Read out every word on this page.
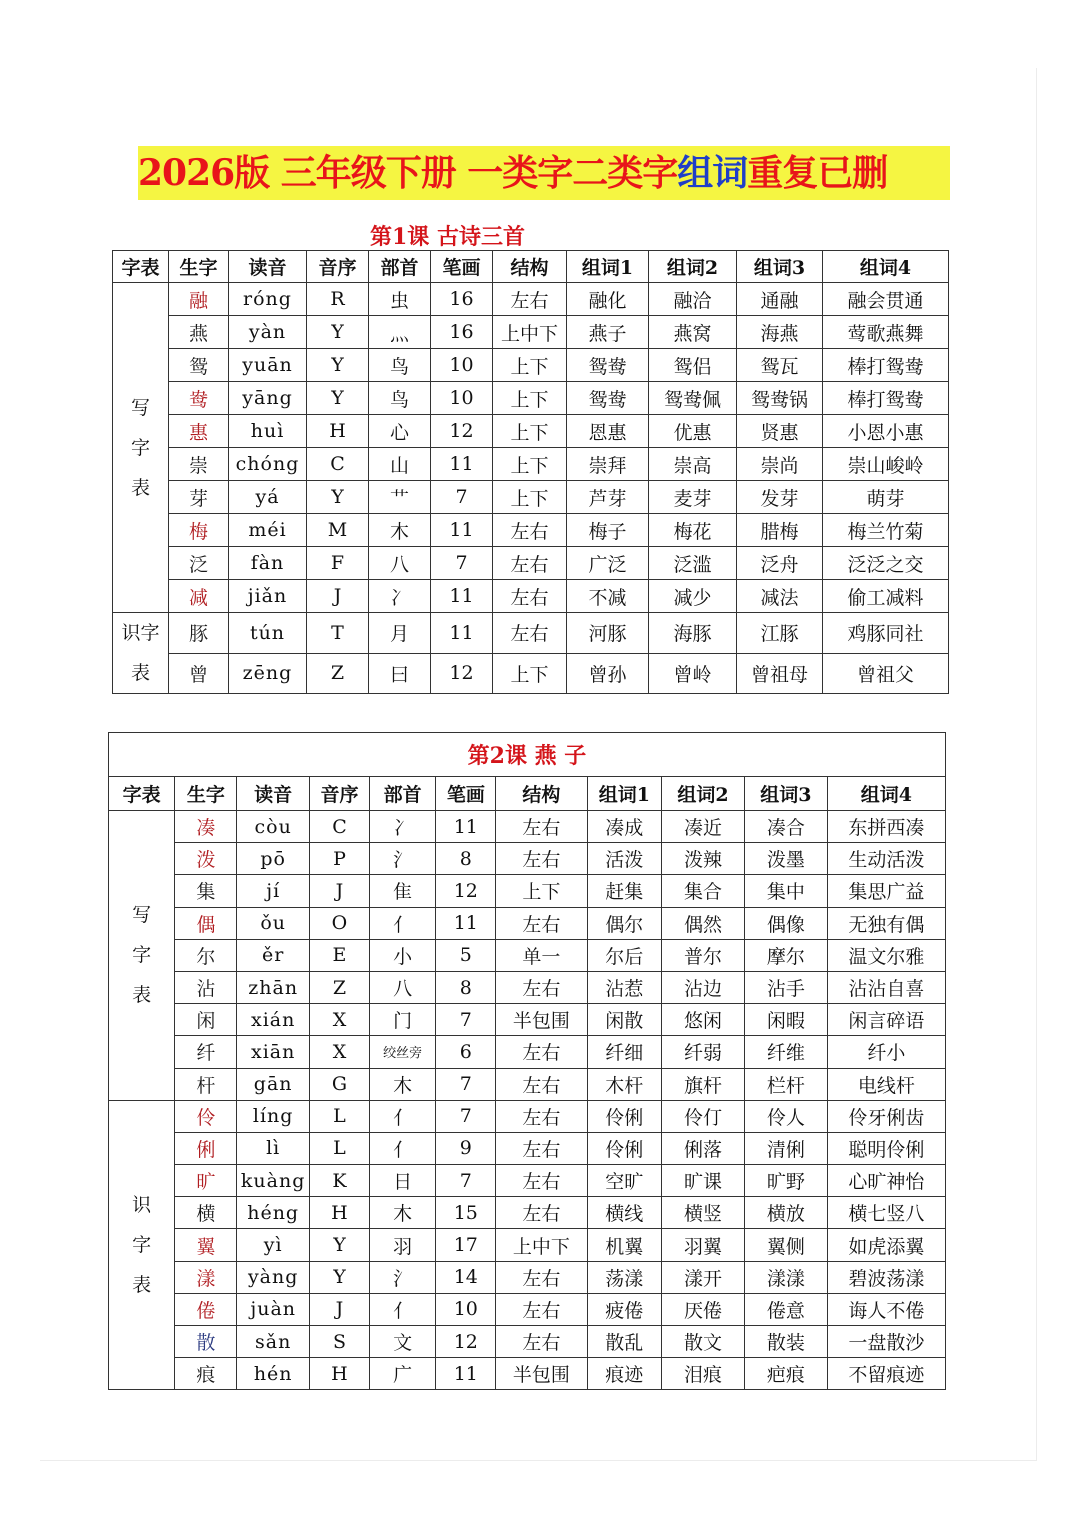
2026版 三年级下册 一类字二类字组词重复已删
第1课 古诗三首
字表	生字	读音	音序	部首	笔画	结构	组词1	组词2	组词3	组词4
写字表	融	róng	R	虫	16	左右	融化	融洽	通融	融会贯通
	燕	yàn	Y	灬	16	上中下	燕子	燕窝	海燕	莺歌燕舞
	鸳	yuān	Y	鸟	10	上下	鸳鸯	鸳侣	鸳瓦	棒打鸳鸯
	鸯	yāng	Y	鸟	10	上下	鸳鸯	鸳鸯佩	鸳鸯锅	棒打鸳鸯
	惠	huì	H	心	12	上下	恩惠	优惠	贤惠	小恩小惠
	崇	chóng	C	山	11	上下	崇拜	崇高	崇尚	崇山峻岭
	芽	yá	Y	艹	7	上下	芦芽	麦芽	发芽	萌芽
	梅	méi	M	木	11	左右	梅子	梅花	腊梅	梅兰竹菊
	泛	fàn	F	八	7	左右	广泛	泛滥	泛舟	泛泛之交
	减	jiǎn	J	冫	11	左右	不减	减少	减法	偷工减料
识字表	豚	tún	T	月	11	左右	河豚	海豚	江豚	鸡豚同社
	曾	zēng	Z	曰	12	上下	曾孙	曾岭	曾祖母	曾祖父
第2课 燕 子										
字表	生字	读音	音序	部首	笔画	结构	组词1	组词2	组词3	组词4
写字表	凑	còu	C	冫	11	左右	凑成	凑近	凑合	东拼西凑
	泼	pō	P	氵	8	左右	活泼	泼辣	泼墨	生动活泼
	集	jí	J	隹	12	上下	赶集	集合	集中	集思广益
	偶	ǒu	O	亻	11	左右	偶尔	偶然	偶像	无独有偶
	尔	ěr	E	小	5	单一	尔后	普尔	摩尔	温文尔雅
	沾	zhān	Z	八	8	左右	沾惹	沾边	沾手	沾沾自喜
	闲	xián	X	门	7	半包围	闲散	悠闲	闲暇	闲言碎语
	纤	xiān	X	绞丝旁	6	左右	纤细	纤弱	纤维	纤小
	杆	gān	G	木	7	左右	木杆	旗杆	栏杆	电线杆
识字表	伶	líng	L	亻	7	左右	伶俐	伶仃	伶人	伶牙俐齿
	俐	lì	L	亻	9	左右	伶俐	俐落	清俐	聪明伶俐
	旷	kuàng	K	日	7	左右	空旷	旷课	旷野	心旷神怡
	横	héng	H	木	15	左右	横线	横竖	横放	横七竖八
	翼	yì	Y	羽	17	上中下	机翼	羽翼	翼侧	如虎添翼
	漾	yàng	Y	氵	14	左右	荡漾	漾开	漾漾	碧波荡漾
	倦	juàn	J	亻	10	左右	疲倦	厌倦	倦意	诲人不倦
	散	sǎn	S	文	12	左右	散乱	散文	散装	一盘散沙
	痕	hén	H	广	11	半包围	痕迹	泪痕	疤痕	不留痕迹
